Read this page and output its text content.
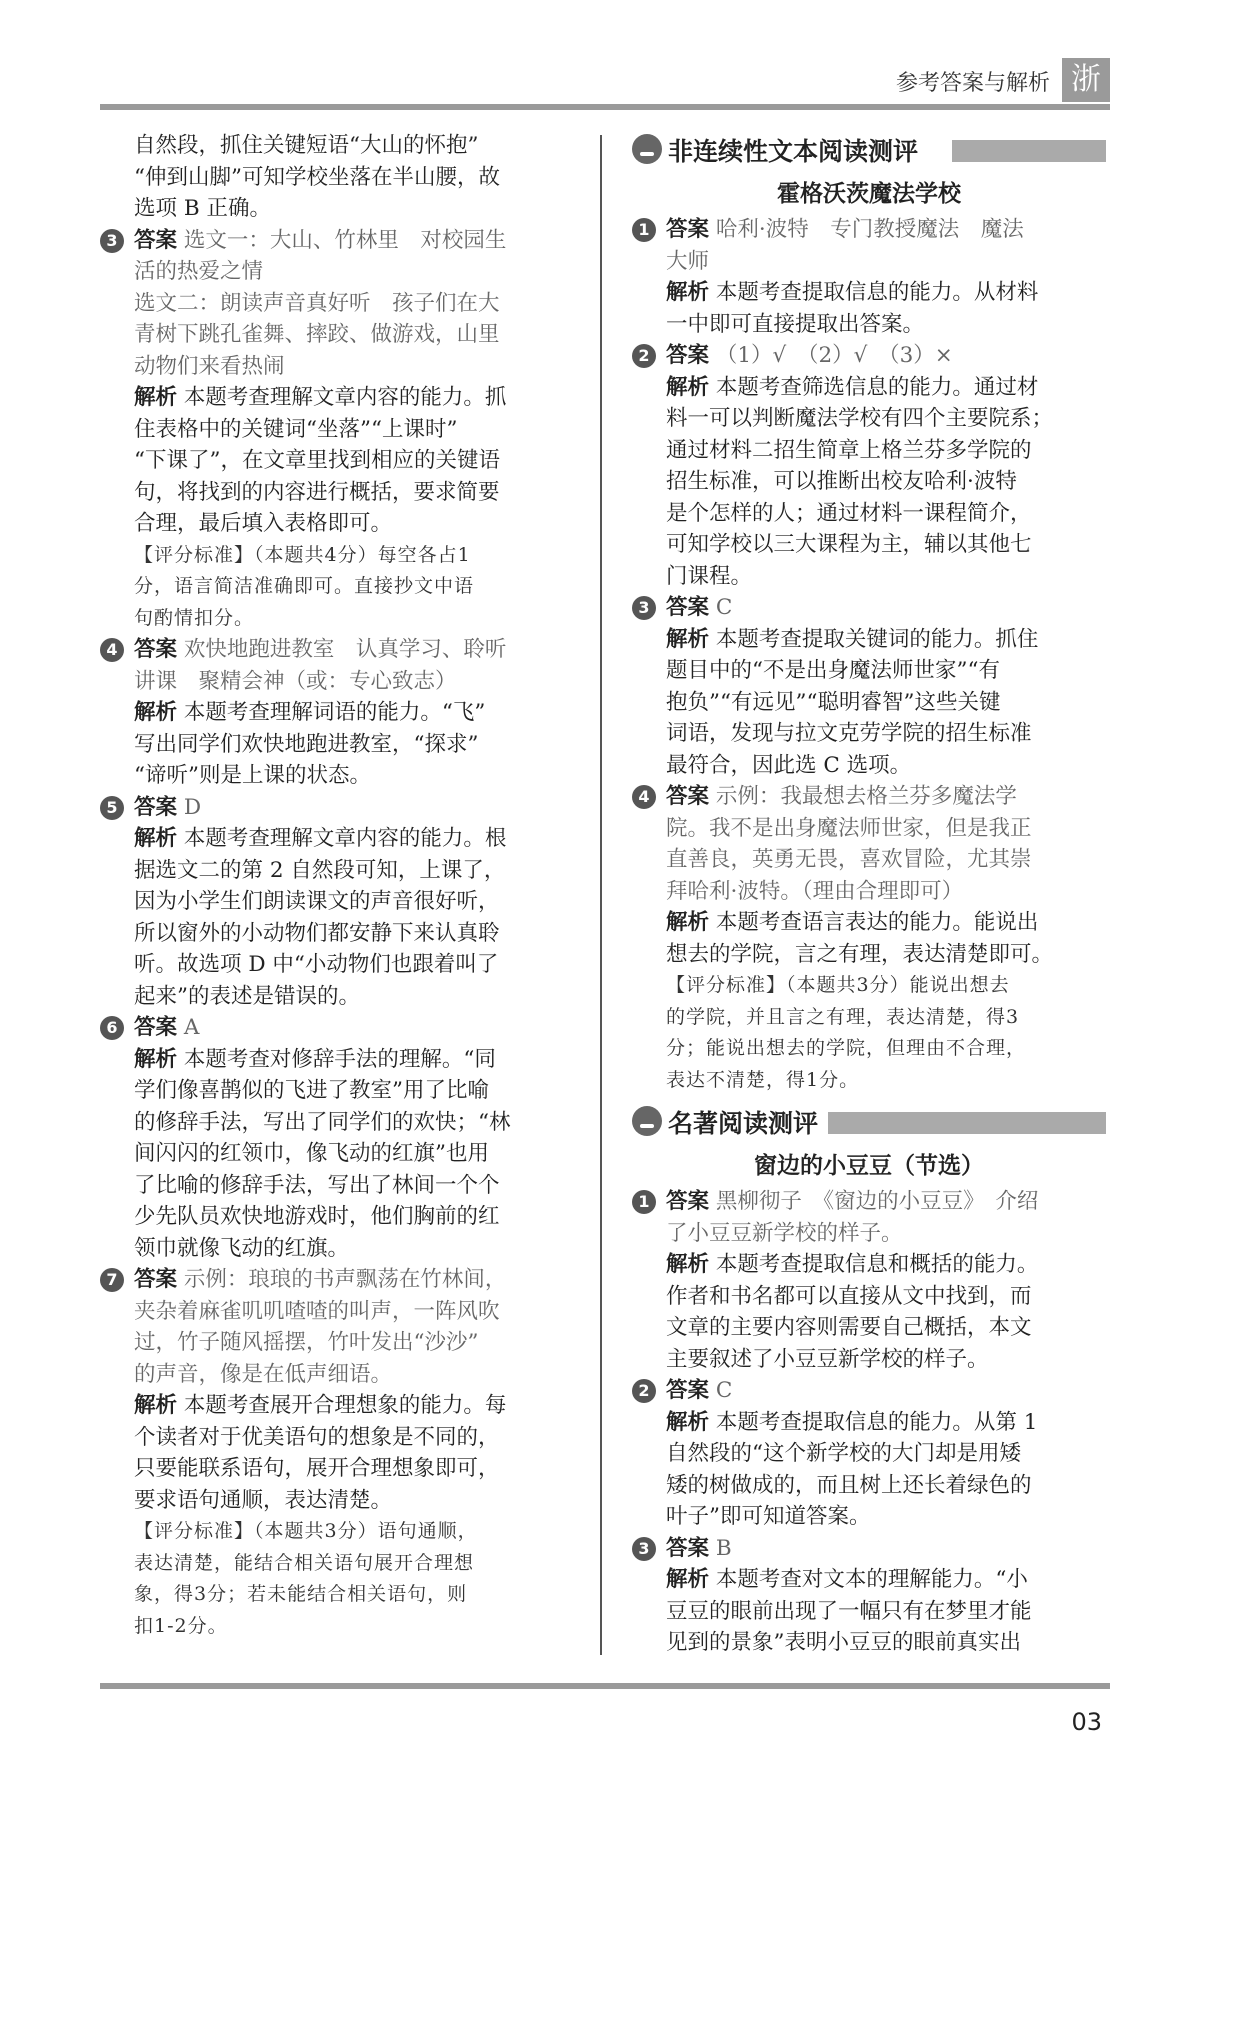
参考答案与解析 浙
自然段，抓住关键短语“大山的怀抱”
“伸到山脚”可知学校坐落在半山腰，故
选项 B 正确。
3 答案 选文一：大山、竹林里　对校园生
活的热爱之情
选文二：朗读声音真好听　孩子们在大
青树下跳孔雀舞、摔跤、做游戏，山里
动物们来看热闹
解析 本题考查理解文章内容的能力。抓
住表格中的关键词“坐落”“上课时”
“下课了”，在文章里找到相应的关键语
句，将找到的内容进行概括，要求简要
合理，最后填入表格即可。
【评分标准】（本题共4分）每空各占1
分，语言简洁准确即可。直接抄文中语
句酌情扣分。
4 答案 欢快地跑进教室　认真学习、聆听
讲课　聚精会神（或：专心致志）
解析 本题考查理解词语的能力。“飞”
写出同学们欢快地跑进教室，“探求”
“谛听”则是上课的状态。
5 答案 D
解析 本题考查理解文章内容的能力。根
据选文二的第 2 自然段可知，上课了，
因为小学生们朗读课文的声音很好听，
所以窗外的小动物们都安静下来认真聆
听。故选项 D 中“小动物们也跟着叫了
起来”的表述是错误的。
6 答案 A
解析 本题考查对修辞手法的理解。“同
学们像喜鹊似的飞进了教室”用了比喻
的修辞手法，写出了同学们的欢快；“林
间闪闪的红领巾，像飞动的红旗”也用
了比喻的修辞手法，写出了林间一个个
少先队员欢快地游戏时，他们胸前的红
领巾就像飞动的红旗。
7 答案 示例：琅琅的书声飘荡在竹林间，
夹杂着麻雀叽叽喳喳的叫声，一阵风吹
过，竹子随风摇摆，竹叶发出“沙沙”
的声音，像是在低声细语。
解析 本题考查展开合理想象的能力。每
个读者对于优美语句的想象是不同的，
只要能联系语句，展开合理想象即可，
要求语句通顺，表达清楚。
【评分标准】（本题共3分）语句通顺，
表达清楚，能结合相关语句展开合理想
象，得3分；若未能结合相关语句，则
扣1-2分。
非连续性文本阅读测评
霍格沃茨魔法学校
1 答案 哈利·波特　专门教授魔法　魔法
大师
解析 本题考查提取信息的能力。从材料
一中即可直接提取出答案。
2 答案 （1）√　（2）√　（3）×
解析 本题考查筛选信息的能力。通过材
料一可以判断魔法学校有四个主要院系；
通过材料二招生简章上格兰芬多学院的
招生标准，可以推断出校友哈利·波特
是个怎样的人；通过材料一课程简介，
可知学校以三大课程为主，辅以其他七
门课程。
3 答案 C
解析 本题考查提取关键词的能力。抓住
题目中的“不是出身魔法师世家”“有
抱负”“有远见”“聪明睿智”这些关键
词语，发现与拉文克劳学院的招生标准
最符合，因此选 C 选项。
4 答案 示例：我最想去格兰芬多魔法学
院。我不是出身魔法师世家，但是我正
直善良，英勇无畏，喜欢冒险，尤其崇
拜哈利·波特。（理由合理即可）
解析 本题考查语言表达的能力。能说出
想去的学院，言之有理，表达清楚即可。
【评分标准】（本题共3分）能说出想去
的学院，并且言之有理，表达清楚，得3
分；能说出想去的学院，但理由不合理，
表达不清楚，得1分。
名著阅读测评
窗边的小豆豆（节选）
1 答案 黑柳彻子　《窗边的小豆豆》　介绍
了小豆豆新学校的样子。
解析 本题考查提取信息和概括的能力。
作者和书名都可以直接从文中找到，而
文章的主要内容则需要自己概括，本文
主要叙述了小豆豆新学校的样子。
2 答案 C
解析 本题考查提取信息的能力。从第 1
自然段的“这个新学校的大门却是用矮
矮的树做成的，而且树上还长着绿色的
叶子”即可知道答案。
3 答案 B
解析 本题考查对文本的理解能力。“小
豆豆的眼前出现了一幅只有在梦里才能
见到的景象”表明小豆豆的眼前真实出
03
